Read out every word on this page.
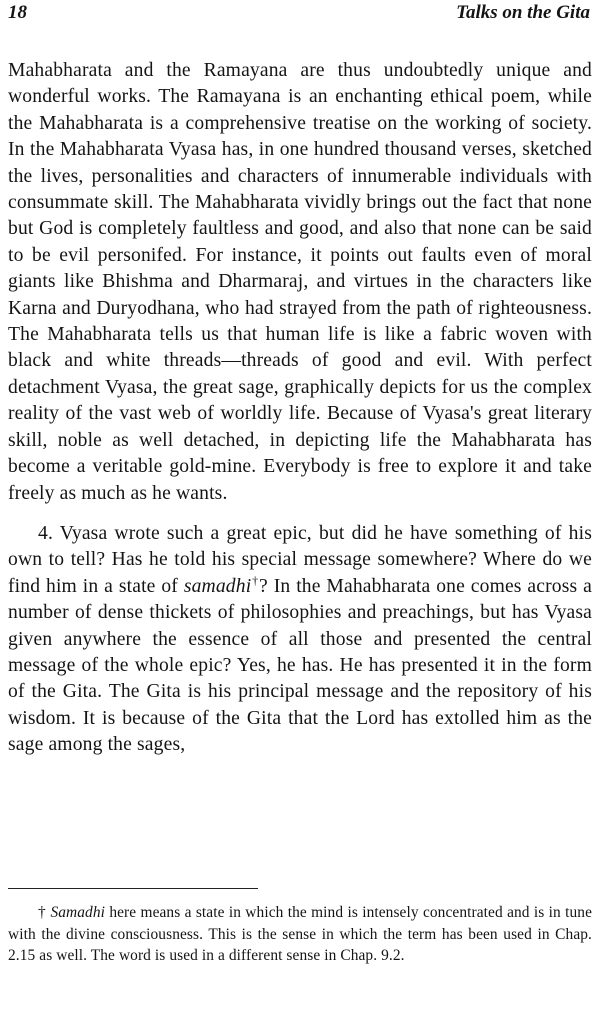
18	Talks on the Gita

Mahabharata and the Ramayana are thus undoubtedly unique and wonderful works. The Ramayana is an enchanting ethical poem, while the Mahabharata is a comprehensive treatise on the working of society. In the Mahabharata Vyasa has, in one hundred thousand verses, sketched the lives, personalities and characters of innumerable individuals with consummate skill. The Mahabharata vividly brings out the fact that none but God is completely faultless and good, and also that none can be said to be evil personifed. For instance, it points out faults even of moral giants like Bhishma and Dharmaraj, and virtues in the characters like Karna and Duryodhana, who had strayed from the path of righteousness. The Mahabharata tells us that human life is like a fabric woven with black and white threads—threads of good and evil. With perfect detachment Vyasa, the great sage, graphically depicts for us the complex reality of the vast web of worldly life. Because of Vyasa's great literary skill, noble as well detached, in depicting life the Mahabharata has become a veritable gold-mine. Everybody is free to explore it and take freely as much as he wants.

4. Vyasa wrote such a great epic, but did he have something of his own to tell? Has he told his special message somewhere? Where do we find him in a state of samadhi†? In the Mahabharata one comes across a number of dense thickets of philosophies and preachings, but has Vyasa given anywhere the essence of all those and presented the central message of the whole epic? Yes, he has. He has presented it in the form of the Gita. The Gita is his principal message and the repository of his wisdom. It is because of the Gita that the Lord has extolled him as the sage among the sages,

† Samadhi here means a state in which the mind is intensely concentrated and is in tune with the divine consciousness. This is the sense in which the term has been used in Chap. 2.15 as well. The word is used in a different sense in Chap. 9.2.
